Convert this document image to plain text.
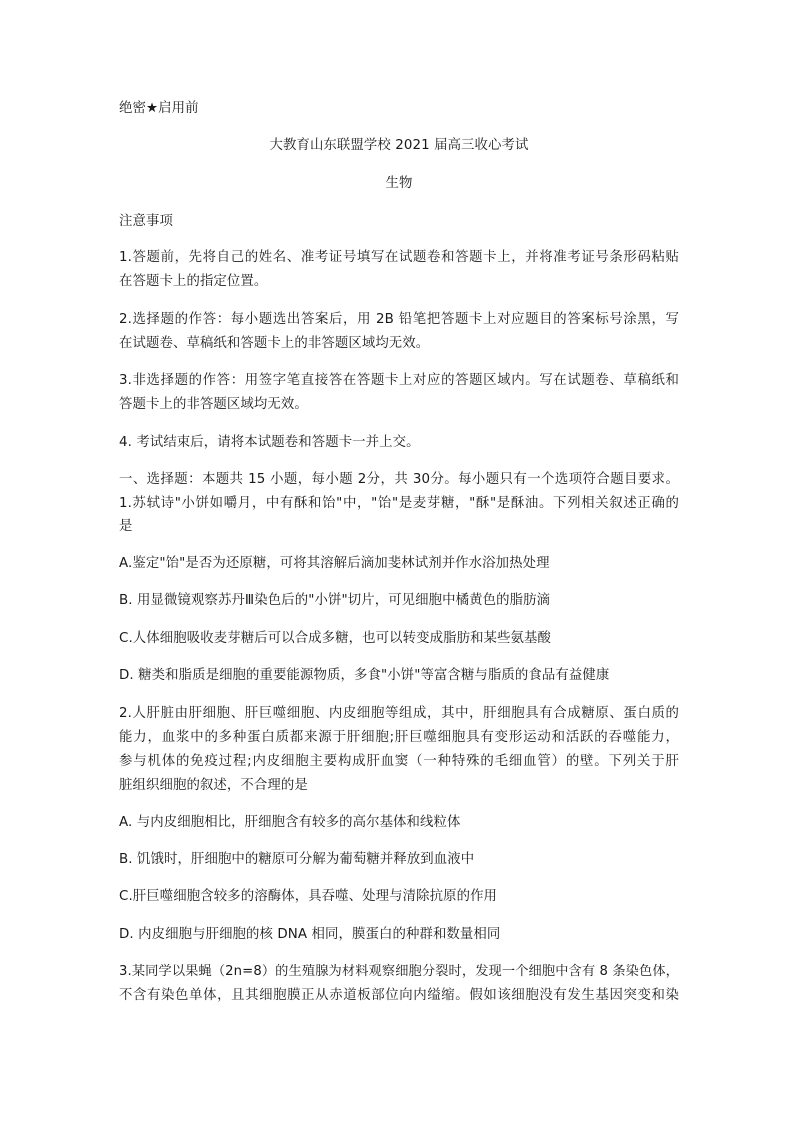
绝密★启用前
大教育山东联盟学校 2021 届高三收心考试
生物
注意事项
1.答题前，先将自己的姓名、准考证号填写在试题卷和答题卡上，并将准考证号条形码粘贴
在答题卡上的指定位置。
2.选择题的作答：每小题选出答案后，用 2B 铅笔把答题卡上对应题目的答案标号涂黑，写
在试题卷、草稿纸和答题卡上的非答题区域均无效。
3.非选择题的作答：用签字笔直接答在答题卡上对应的答题区域内。写在试题卷、草稿纸和
答题卡上的非答题区域均无效。
4. 考试结束后，请将本试题卷和答题卡一并上交。
一、选择题：本题共 15 小题，每小题 2分，共 30分。每小题只有一个选项符合题目要求。
1.苏轼诗"小饼如嚼月，中有酥和饴"中，"饴"是麦芽糖，"酥"是酥油。下列相关叙述正确的
是
A.鉴定"饴"是否为还原糖，可将其溶解后滴加斐林试剂并作水浴加热处理
B. 用显微镜观察苏丹Ⅲ染色后的"小饼"切片，可见细胞中橘黄色的脂肪滴
C.人体细胞吸收麦芽糖后可以合成多糖，也可以转变成脂肪和某些氨基酸
D. 糖类和脂质是细胞的重要能源物质，多食"小饼"等富含糖与脂质的食品有益健康
2.人肝脏由肝细胞、肝巨噬细胞、内皮细胞等组成，其中，肝细胞具有合成糖原、蛋白质的
能力，血浆中的多种蛋白质都来源于肝细胞;肝巨噬细胞具有变形运动和活跃的吞噬能力，
参与机体的免疫过程;内皮细胞主要构成肝血窦（一种特殊的毛细血管）的壁。下列关于肝
脏组织细胞的叙述，不合理的是
A. 与内皮细胞相比，肝细胞含有较多的高尔基体和线粒体
B. 饥饿时，肝细胞中的糖原可分解为葡萄糖并释放到血液中
C.肝巨噬细胞含较多的溶酶体，具吞噬、处理与清除抗原的作用
D. 内皮细胞与肝细胞的核 DNA 相同，膜蛋白的种群和数量相同
3.某同学以果蝇（2n=8）的生殖腺为材料观察细胞分裂时，发现一个细胞中含有 8 条染色体，
不含有染色单体，且其细胞膜正从赤道板部位向内缢缩。假如该细胞没有发生基因突变和染
